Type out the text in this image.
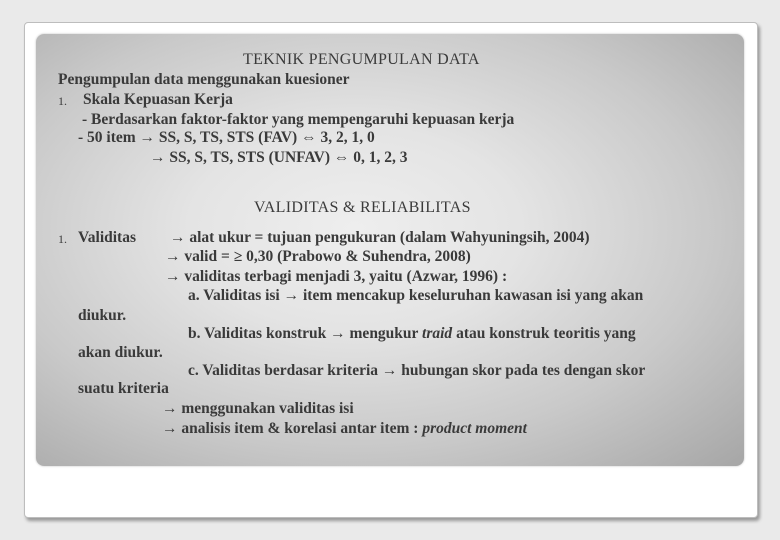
TEKNIK PENGUMPULAN DATA
Pengumpulan data menggunakan kuesioner
1. Skala Kepuasan Kerja
- Berdasarkan faktor-faktor yang mempengaruhi kepuasan kerja
- 50 item → SS, S, TS, STS (FAV) ⇔ 3, 2, 1, 0
→ SS, S, TS, STS (UNFAV) ⇔ 0, 1, 2, 3
VALIDITAS & RELIABILITAS
1. Validitas → alat ukur = tujuan pengukuran (dalam Wahyuningsih, 2004)
→ valid = ≥ 0,30 (Prabowo & Suhendra, 2008)
→ validitas terbagi menjadi 3, yaitu (Azwar, 1996) :
a. Validitas isi → item mencakup keseluruhan kawasan isi yang akan
diukur.
b. Validitas konstruk → mengukur traid atau konstruk teoritis yang
akan diukur.
c. Validitas berdasar kriteria → hubungan skor pada tes dengan skor
suatu kriteria
→ menggunakan validitas isi
→ analisis item & korelasi antar item : product moment
